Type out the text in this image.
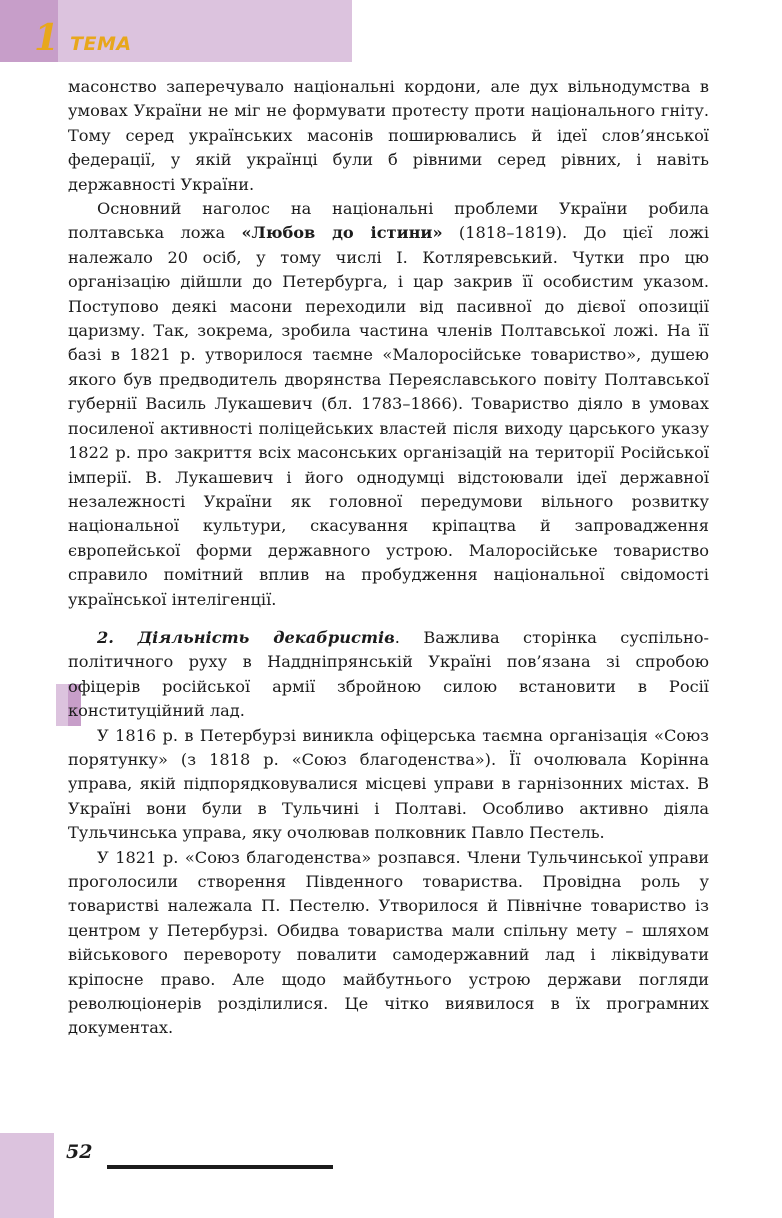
1 ТЕМА

масонство заперечувало національні кордони, але дух вільнодумства в умовах України не міг не формувати протесту проти національного гніту. Тому серед українських масонів поширювались й ідеї слов’янської федерації, у якій українці були б рівними серед рівних, і навіть державності України.

Основний наголос на національні проблеми України робила полтавська ложа «Любов до істини» (1818–1819). До цієї ложі належало 20 осіб, у тому числі І. Котляревський. Чутки про цю організацію дійшли до Петербурга, і цар закрив її особистим указом. Поступово деякі масони переходили від пасивної до дієвої опозиції царизму. Так, зокрема, зробила частина членів Полтавської ложі. На її базі в 1821 р. утворилося таємне «Малоросійське товариство», душею якого був предводитель дворянства Переяславського повіту Полтавської губернії Василь Лукашевич (бл. 1783–1866). Товариство діяло в умовах посиленої активності поліцейських властей після виходу царського указу 1822 р. про закриття всіх масонських організацій на території Російської імперії. В. Лукашевич і його однодумці відстоювали ідеї державної незалежності України як головної передумови вільного розвитку національної культури, скасування кріпацтва й запровадження європейської форми державного устрою. Малоросійське товариство справило помітний вплив на пробудження національної свідомості української інтелігенції.

2. Діяльність декабристів. Важлива сторінка суспільно-політичного руху в Наддніпрянській Україні пов’язана зі спробою офіцерів російської армії збройною силою встановити в Росії конституційний лад.

У 1816 р. в Петербурзі виникла офіцерська таємна організація «Союз порятунку» (з 1818 р. «Союз благоденства»). Її очолювала Корінна управа, якій підпорядковувалися місцеві управи в гарнізонних містах. В Україні вони були в Тульчині і Полтаві. Особливо активно діяла Тульчинська управа, яку очолював полковник Павло Пестель.

У 1821 р. «Союз благоденства» розпався. Члени Тульчинської управи проголосили створення Південного товариства. Провідна роль у товаристві належала П. Пестелю. Утворилося й Північне товариство із центром у Петербурзі. Обидва товариства мали спільну мету – шляхом військового перевороту повалити самодержавний лад і ліквідувати кріпосне право. Але щодо майбутнього устрою держави погляди революціонерів розділилися. Це чітко виявилося в їх програмних документах.

52
